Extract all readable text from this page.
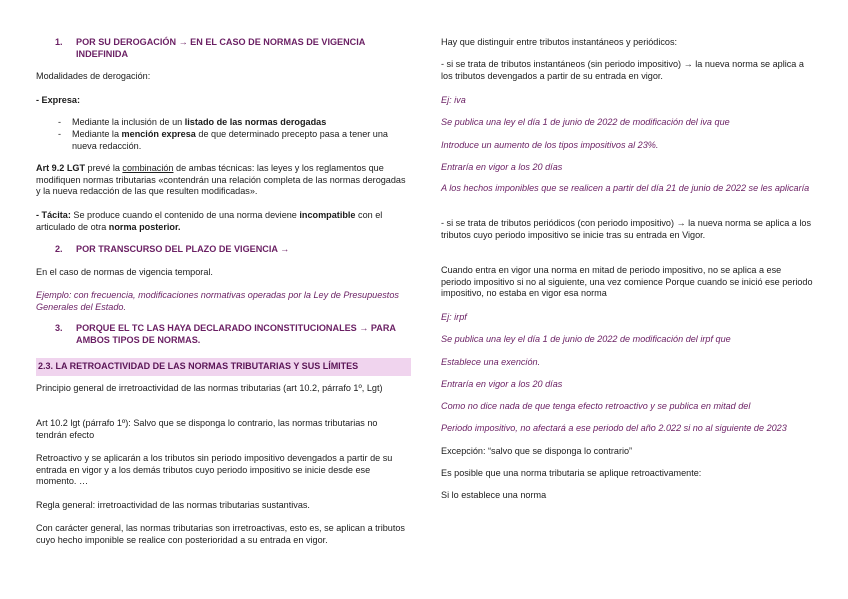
1. POR SU DEROGACIÓN → EN EL CASO DE NORMAS DE VIGENCIA INDEFINIDA
Modalidades de derogación:
- Expresa:
- Mediante la inclusión de un listado de las normas derogadas
- Mediante la mención expresa de que determinado precepto pasa a tener una nueva redacción.
Art 9.2 LGT prevé la combinación de ambas técnicas: las leyes y los reglamentos que modifiquen normas tributarias «contendrán una relación completa de las normas derogadas y la nueva redacción de las que resulten modificadas».
- Tácita: Se produce cuando el contenido de una norma deviene incompatible con el articulado de otra norma posterior.
2. POR TRANSCURSO DEL PLAZO DE VIGENCIA →
En el caso de normas de vigencia temporal.
Ejemplo: con frecuencia, modificaciones normativas operadas por la Ley de Presupuestos Generales del Estado.
3. PORQUE EL TC LAS HAYA DECLARADO INCONSTITUCIONALES → PARA AMBOS TIPOS DE NORMAS.
2.3. LA RETROACTIVIDAD DE LAS NORMAS TRIBUTARIAS Y SUS LÍMITES
Principio general de irretroactividad de las normas tributarias (art 10.2, párrafo 1º, Lgt)
Art 10.2 lgt (párrafo 1º): Salvo que se disponga lo contrario, las normas tributarias no tendrán efecto
Retroactivo y se aplicarán a los tributos sin periodo impositivo devengados a partir de su entrada en vigor y a los demás tributos cuyo periodo impositivo se inicie desde ese momento. …
Regla general: irretroactividad de las normas tributarias sustantivas.
Con carácter general, las normas tributarias son irretroactivas, esto es, se aplican a tributos cuyo hecho imponible se realice con posterioridad a su entrada en vigor.
Hay que distinguir entre tributos instantáneos y periódicos:
- si se trata de tributos instantáneos (sin periodo impositivo) → la nueva norma se aplica a los tributos devengados a partir de su entrada en vigor.
Ej: iva
Se publica una ley el día 1 de junio de 2022 de modificación del iva que
Introduce un aumento de los tipos impositivos al 23%.
Entraría en vigor a los 20 días
A los hechos imponibles que se realicen a partir del día 21 de junio de 2022 se les aplicaría
- si se trata de tributos periódicos (con periodo impositivo) → la nueva norma se aplica a los tributos cuyo periodo impositivo se inicie tras su entrada en Vigor.
Cuando entra en vigor una norma en mitad de periodo impositivo, no se aplica a ese periodo impositivo si no al siguiente, una vez comience Porque cuando se inició ese periodo impositivo, no estaba en vigor esa norma
Ej: irpf
Se publica una ley el día 1 de junio de 2022 de modificación del irpf que
Establece una exención.
Entraría en vigor a los 20 días
Como no dice nada de que tenga efecto retroactivo y se publica en mitad del
Periodo impositivo, no afectará a ese periodo del año 2.022 si no al siguiente de 2023
Excepción: “salvo que se disponga lo contrario”
Es posible que una norma tributaria se aplique retroactivamente:
Si lo establece una norma
